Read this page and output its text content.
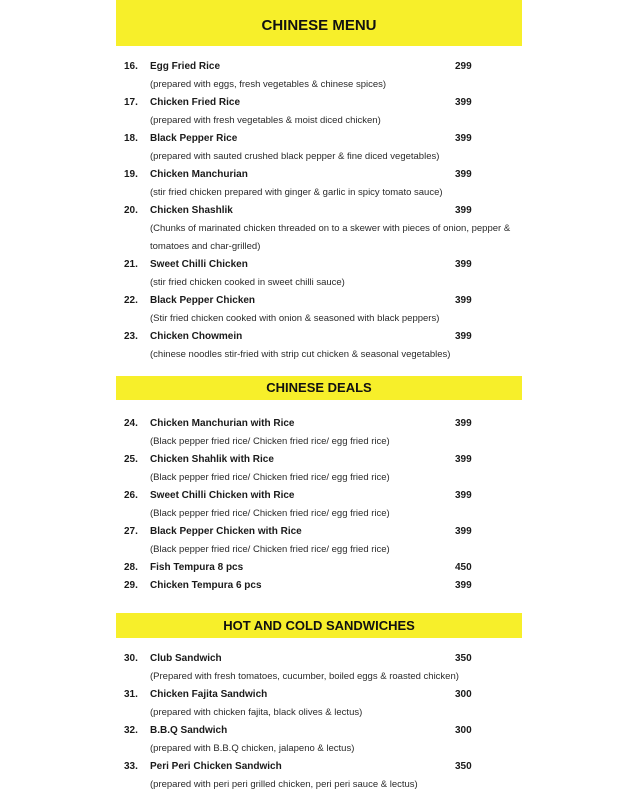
CHINESE MENU
16. Egg Fried Rice	299
(prepared with eggs, fresh vegetables & chinese spices)
17. Chicken Fried Rice	399
(prepared with fresh vegetables & moist diced chicken)
18. Black Pepper Rice	399
(prepared with sauted crushed black pepper & fine diced vegetables)
19. Chicken Manchurian	399
(stir fried chicken prepared with ginger & garlic in spicy tomato sauce)
20. Chicken Shashlik	399
(Chunks of marinated chicken threaded on to a skewer with pieces of onion, pepper & tomatoes and char-grilled)
21. Sweet Chilli Chicken	399
(stir fried chicken cooked in sweet chilli sauce)
22. Black Pepper Chicken	399
(Stir fried chicken cooked with onion & seasoned with black peppers)
23. Chicken Chowmein	399
(chinese noodles stir-fried with strip cut chicken & seasonal vegetables)
CHINESE DEALS
24. Chicken Manchurian with Rice	399
(Black pepper fried rice/ Chicken fried rice/ egg fried rice)
25. Chicken Shahlik with Rice	399
(Black pepper fried rice/ Chicken fried rice/ egg fried rice)
26. Sweet Chilli Chicken with Rice	399
(Black pepper fried rice/ Chicken fried rice/ egg fried rice)
27. Black Pepper Chicken with Rice	399
(Black pepper fried rice/ Chicken fried rice/ egg fried rice)
28. Fish Tempura 8 pcs	450
29. Chicken Tempura 6 pcs	399
HOT AND COLD SANDWICHES
30. Club Sandwich	350
(Prepared with fresh tomatoes, cucumber, boiled eggs & roasted chicken)
31. Chicken Fajita Sandwich	300
(prepared with chicken fajita, black olives & lectus)
32. B.B.Q Sandwich	300
(prepared with B.B.Q chicken, jalapeno & lectus)
33. Peri Peri Chicken Sandwich	350
(prepared with peri peri grilled chicken, peri peri sauce & lectus)
